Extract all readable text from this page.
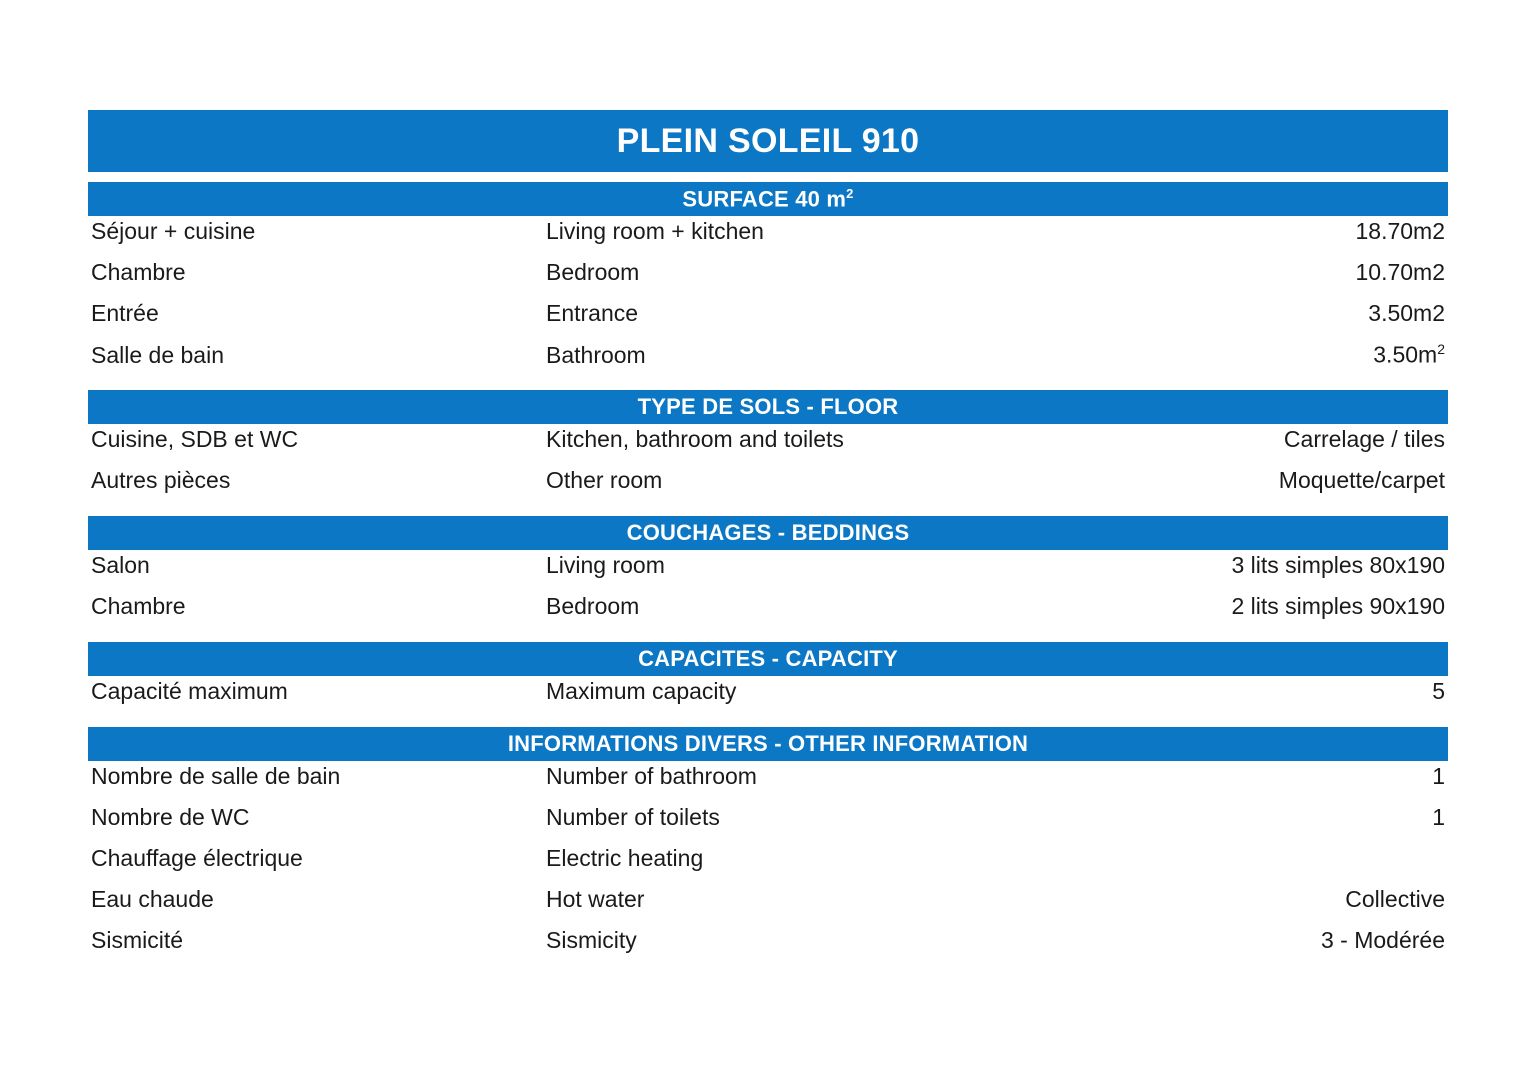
PLEIN SOLEIL 910
SURFACE 40 $m^2$
Séjour + cuisine	Living room + kitchen	18.70m2
Chambre	Bedroom	10.70m2
Entrée	Entrance	3.50m2
Salle de bain	Bathroom	$3.50m^2$
TYPE DE SOLS - FLOOR
Cuisine, SDB et WC	Kitchen, bathroom and toilets	Carrelage / tiles
Autres pièces	Other room	Moquette/carpet
COUCHAGES - BEDDINGS
Salon	Living room	3 lits simples 80x190
Chambre	Bedroom	2 lits simples 90x190
CAPACITES - CAPACITY
Capacité maximum	Maximum capacity	5
INFORMATIONS DIVERS - OTHER INFORMATION
Nombre de salle de bain	Number of bathroom	1
Nombre de WC	Number of toilets	1
Chauffage électrique	Electric heating
Eau chaude	Hot water	Collective
Sismicité	Sismicity	3 - Modérée
